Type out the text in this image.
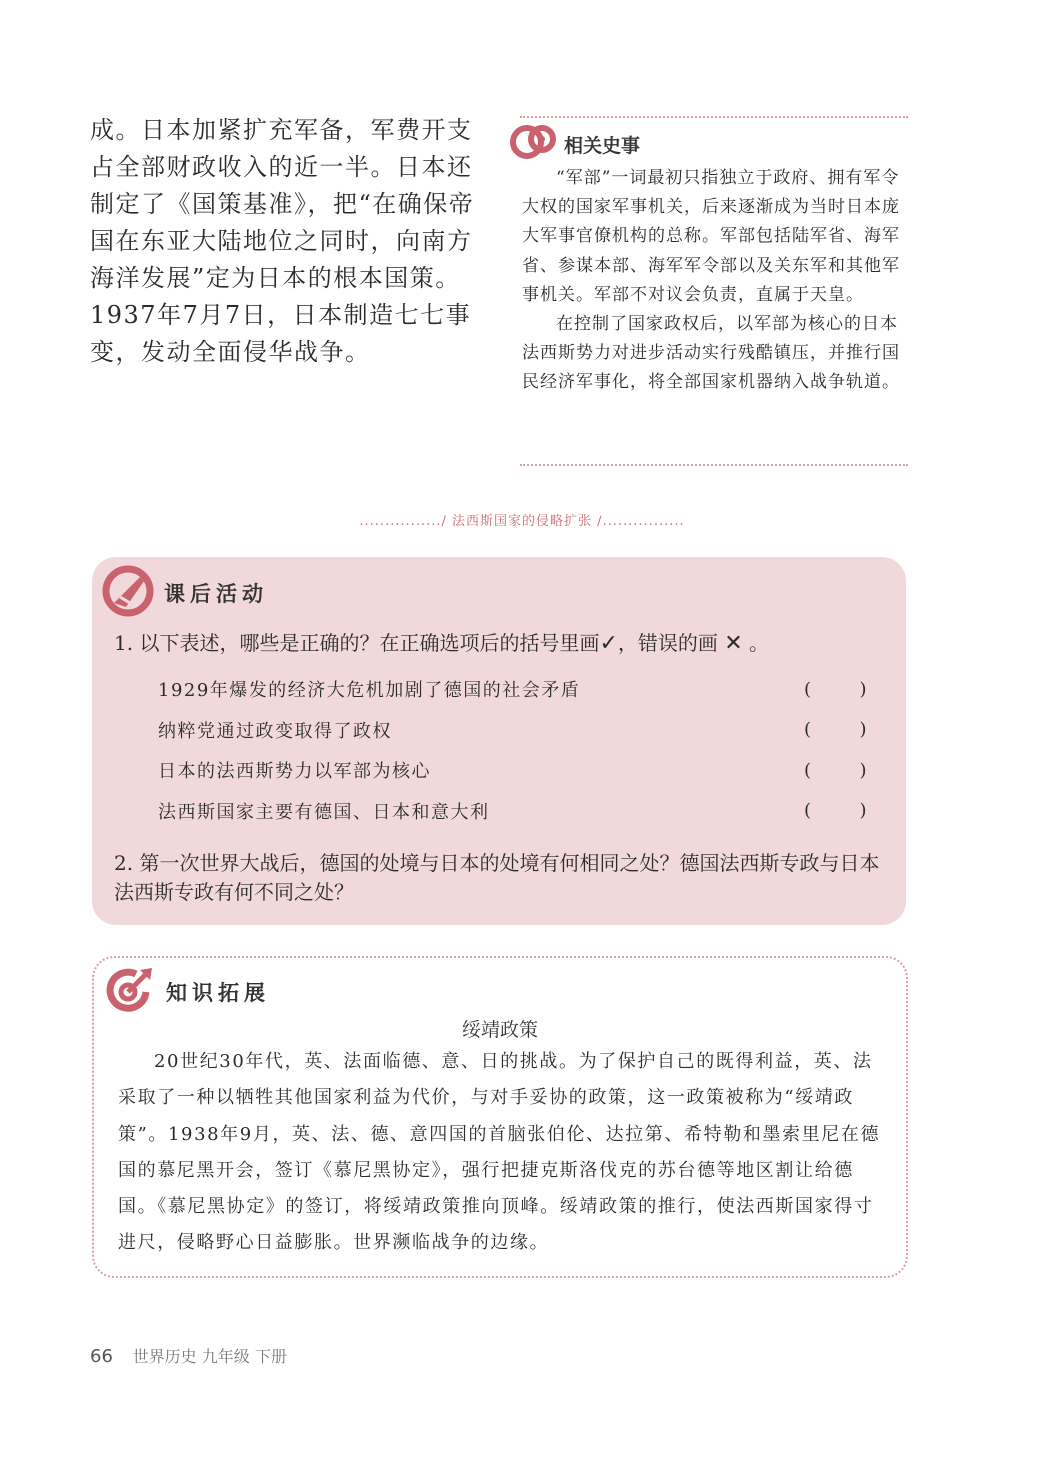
成。日本加紧扩充军备，军费开支占全部财政收入的近一半。日本还制定了《国策基准》，把“在确保帝国在东亚大陆地位之同时，向南方海洋发展”定为日本的根本国策。1937年7月7日，日本制造七七事变，发动全面侵华战争。

相关史事

“军部”一词最初只指独立于政府、拥有军令大权的国家军事机关，后来逐渐成为当时日本庞大军事官僚机构的总称。军部包括陆军省、海军省、参谋本部、海军军令部以及关东军和其他军事机关。军部不对议会负责，直属于天皇。

在控制了国家政权后，以军部为核心的日本法西斯势力对进步活动实行残酷镇压，并推行国民经济军事化，将全部国家机器纳入战争轨道。

................/ 法西斯国家的侵略扩张 /................
课后活动
1. 以下表述，哪些是正确的？在正确选项后的括号里画✓，错误的画 ✕ 。
1929年爆发的经济大危机加剧了德国的社会矛盾	(	)
纳粹党通过政变取得了政权	(	)
日本的法西斯势力以军部为核心	(	)
法西斯国家主要有德国、日本和意大利	(	)
2. 第一次世界大战后，德国的处境与日本的处境有何相同之处？德国法西斯专政与日本法西斯专政有何不同之处？
知识拓展
绥靖政策

20世纪30年代，英、法面临德、意、日的挑战。为了保护自己的既得利益，英、法采取了一种以牺牲其他国家利益为代价，与对手妥协的政策，这一政策被称为“绥靖政策”。1938年9月，英、法、德、意四国的首脑张伯伦、达拉第、希特勒和墨索里尼在德国的慕尼黑开会，签订《慕尼黑协定》，强行把捷克斯洛伐克的苏台德等地区割让给德国。《慕尼黑协定》的签订，将绥靖政策推向顶峰。绥靖政策的推行，使法西斯国家得寸进尺，侵略野心日益膨胀。世界濒临战争的边缘。

66 世界历史 九年级 下册
